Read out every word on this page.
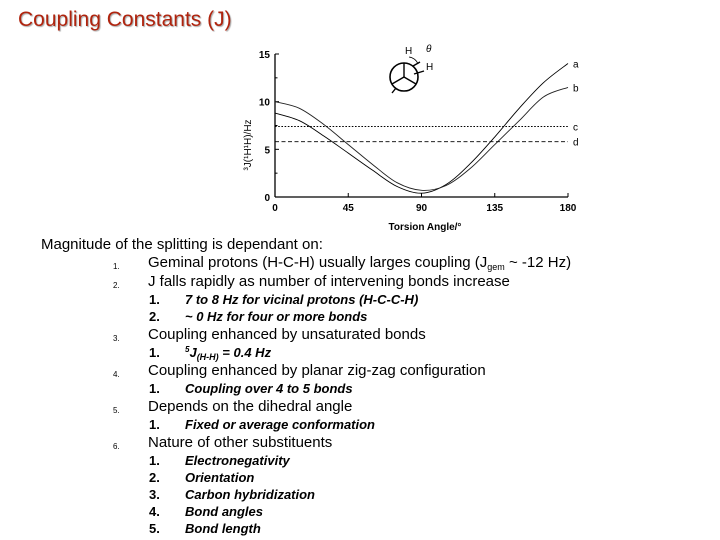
Coupling Constants (J)
H θ
H
0
5
10
15
0	45	90	135	180
a
b
c
d
³J(¹H¹H)/Hz
Torsion Angle/°
Magnitude of the splitting is dependant on:
1. Geminal protons (H-C-H) usually larges coupling ($J_{gem}$ ~ -12 Hz)
2. J falls rapidly as number of intervening bonds increase
1. 7 to 8 Hz for vicinal protons (H-C-C-H)
2. ~ 0 Hz for four or more bonds
3. Coupling enhanced by unsaturated bonds
1.	$^5J_{(H-H)} = 0.4$ Hz
4. Coupling enhanced by planar zig-zag configuration
1. Coupling over 4 to 5 bonds
5. Depends on the dihedral angle
1. Fixed or average conformation
6. Nature of other substituents
1. Electronegativity
2. Orientation
3. Carbon hybridization
4. Bond angles
5. Bond length
